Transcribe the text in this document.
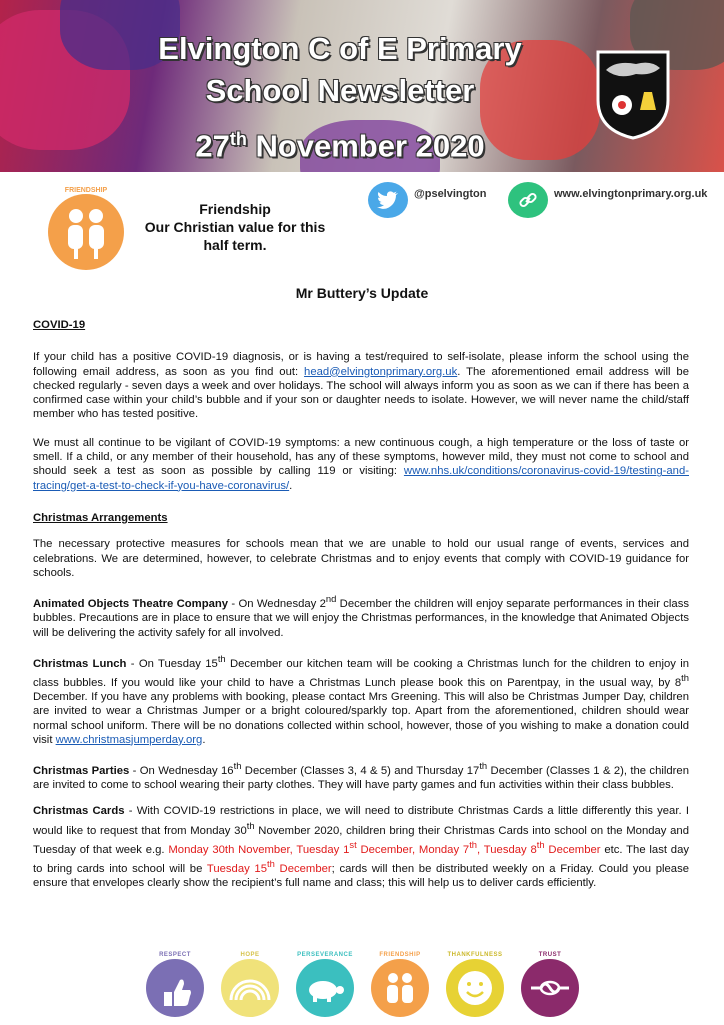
Elvington C of E Primary
School Newsletter
27th November 2020
FRIENDSHIP
Friendship
Our Christian value for this
half term.
@pselvington	www.elvingtonprimary.org.uk
Mr Buttery’s Update
COVID-19

If your child has a positive COVID-19 diagnosis, or is having a test/required to self-isolate, please inform the school using the following email address, as soon as you find out: head@elvingtonprimary.org.uk. The aforementioned email address will be checked regularly - seven days a week and over holidays. The school will always inform you as soon as we can if there has been a confirmed case within your child’s bubble and if your son or daughter needs to isolate. However, we will never name the child/staff member who has tested positive.

We must all continue to be vigilant of COVID-19 symptoms: a new continuous cough, a high temperature or the loss of taste or smell. If a child, or any member of their household, has any of these symptoms, however mild, they must not come to school and should seek a test as soon as possible by calling 119 or visiting: www.nhs.uk/conditions/coronavirus-covid-19/testing-and-tracing/get-a-test-to-check-if-you-have-coronavirus/.

Christmas Arrangements

The necessary protective measures for schools mean that we are unable to hold our usual range of events, services and celebrations. We are determined, however, to celebrate Christmas and to enjoy events that comply with COVID-19 guidance for schools.

Animated Objects Theatre Company - On Wednesday 2nd December the children will enjoy separate performances in their class bubbles. Precautions are in place to ensure that we will enjoy the Christmas performances, in the knowledge that Animated Objects will be delivering the activity safely for all involved.

Christmas Lunch - On Tuesday 15th December our kitchen team will be cooking a Christmas lunch for the children to enjoy in class bubbles. If you would like your child to have a Christmas Lunch please book this on Parentpay, in the usual way, by 8th December. If you have any problems with booking, please contact Mrs Greening. This will also be Christmas Jumper Day, children are invited to wear a Christmas Jumper or a bright coloured/sparkly top. Apart from the aforementioned, children should wear normal school uniform. There will be no donations collected within school, however, those of you wishing to make a donation could visit www.christmasjumperday.org.

Christmas Parties - On Wednesday 16th December (Classes 3, 4 & 5) and Thursday 17th December (Classes 1 & 2), the children are invited to come to school wearing their party clothes. They will have party games and fun activities within their class bubbles.

Christmas Cards - With COVID-19 restrictions in place, we will need to distribute Christmas Cards a little differently this year. I would like to request that from Monday 30th November 2020, children bring their Christmas Cards into school on the Monday and Tuesday of that week e.g. Monday 30th November, Tuesday 1st December, Monday 7th, Tuesday 8th December etc. The last day to bring cards into school will be Tuesday 15th December; cards will then be distributed weekly on a Friday. Could you please ensure that envelopes clearly show the recipient’s full name and class; this will help us to deliver cards efficiently.

RESPECT	HOPE	PERSEVERANCE	FRIENDSHIP	THANKFULNESS	TRUST
